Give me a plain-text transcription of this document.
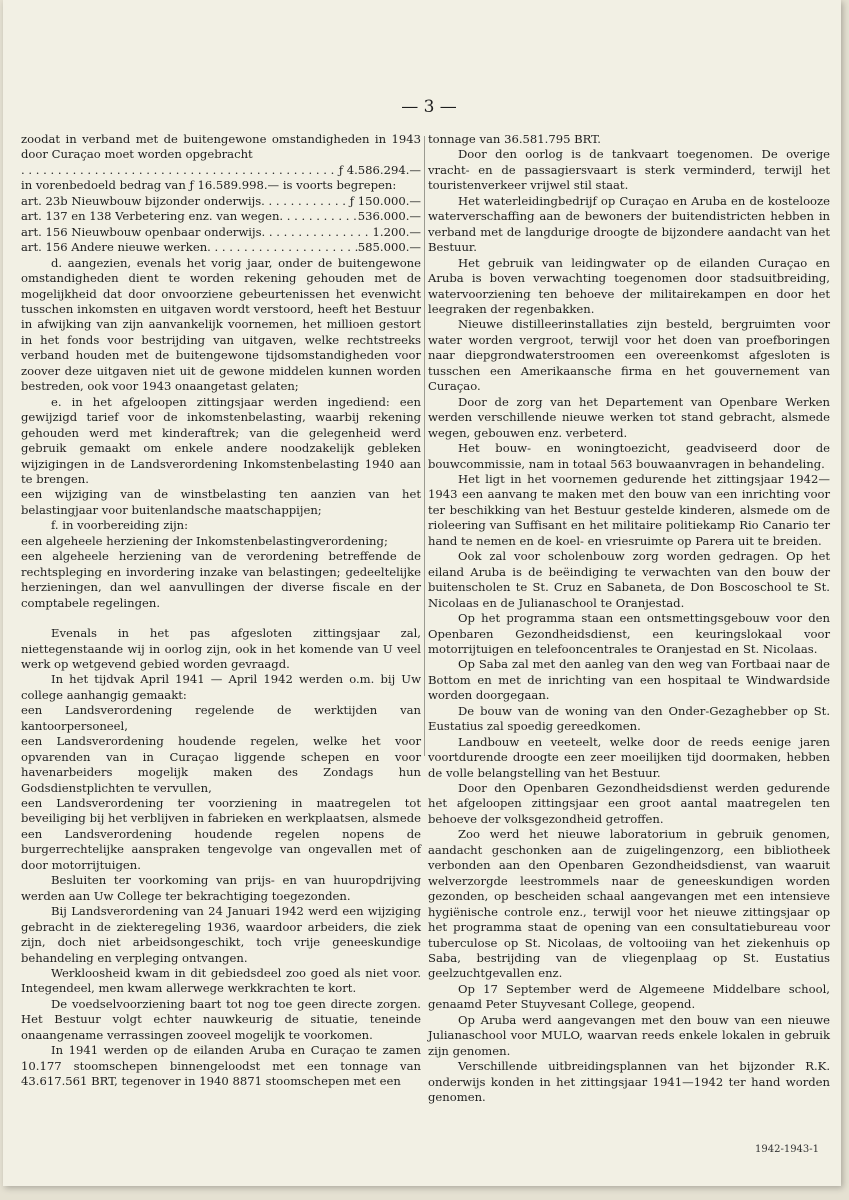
— 3 —

zoodat in verband met de buitengewone omstandigheden in 1943 door Curaçao moet worden opgebracht

. . .
ƒ 4.586.294.—

in vorenbedoeld bedrag van ƒ 16.589.998.— is voorts begrepen:

art. 23b Nieuwbouw bijzonder onderwijs . . .	ƒ 150.000.—
art. 137 en 138 Verbetering enz. van wegen . . .	536.000.—
art. 156 Nieuwbouw openbaar onderwijs . . .	1.200.—
art. 156 Andere nieuwe werken . . .	585.000.—

d. aangezien, evenals het vorig jaar, onder de buitengewone omstandigheden dient te worden rekening gehouden met de mogelijkheid dat door onvoorziene gebeurtenissen het evenwicht tusschen inkomsten en uitgaven wordt verstoord, heeft het Bestuur in afwijking van zijn aanvankelijk voornemen, het millioen gestort in het fonds voor bestrijding van uitgaven, welke rechtstreeks verband houden met de buitengewone tijdsomstandigheden voor zoover deze uitgaven niet uit de gewone middelen kunnen worden bestreden, ook voor 1943 onaangetast gelaten;

e. in het afgeloopen zittingsjaar werden ingediend: een gewijzigd tarief voor de inkomstenbelasting, waarbij rekening gehouden werd met kinderaftrek; van die gelegenheid werd gebruik gemaakt om enkele andere noodzakelijk gebleken wijzigingen in de Landsverordening Inkomstenbelasting 1940 aan te brengen.

een wijziging van de winstbelasting ten aanzien van het belastingjaar voor buitenlandsche maatschappijen;

f. in voorbereiding zijn:

een algeheele herziening der Inkomstenbelastingverordening;

een algeheele herziening van de verordening betreffende de rechtspleging en invordering inzake van belastingen; gedeeltelijke herzieningen, dan wel aanvullingen der diverse fiscale en der comptabele regelingen.

Evenals in het pas afgesloten zittingsjaar zal, niettegenstaande wij in oorlog zijn, ook in het komende van U veel werk op wetgevend gebied worden gevraagd.

In het tijdvak April 1941 — April 1942 werden o.m. bij Uw college aanhangig gemaakt:

een Landsverordening regelende de werktijden van kantoorpersoneel,

een Landsverordening houdende regelen, welke het voor opvarenden van in Curaçao liggende schepen en voor havenarbeiders mogelijk maken des Zondags hun Godsdienstplichten te vervullen,

een Landsverordening ter voorziening in maatregelen tot beveiliging bij het verblijven in fabrieken en werkplaatsen, alsmede een Landsverordening houdende regelen nopens de burgerrechtelijke aanspraken tengevolge van ongevallen met of door motorrijtuigen.

Besluiten ter voorkoming van prijs- en van huuropdrijving werden aan Uw College ter bekrachtiging toegezonden.

Bij Landsverordening van 24 Januari 1942 werd een wijziging gebracht in de ziekteregeling 1936, waardoor arbeiders, die ziek zijn, doch niet arbeidsongeschikt, toch vrije geneeskundige behandeling en verpleging ontvangen.

Werkloosheid kwam in dit gebiedsdeel zoo goed als niet voor. Integendeel, men kwam allerwege werkkrachten te kort.

De voedselvoorziening baart tot nog toe geen directe zorgen. Het Bestuur volgt echter nauwkeurig de situatie, teneinde onaangename verrassingen zooveel mogelijk te voorkomen.

In 1941 werden op de eilanden Aruba en Curaçao te zamen 10.177 stoomschepen binnengeloodst met een tonnage van 43.617.561 BRT, tegenover in 1940 8871 stoomschepen met een

tonnage van 36.581.795 BRT.

Door den oorlog is de tankvaart toegenomen. De overige vracht- en de passagiersvaart is sterk verminderd, terwijl het touristenverkeer vrijwel stil staat.

Het waterleidingbedrijf op Curaçao en Aruba en de kostelooze waterverschaffing aan de bewoners der buitendistricten hebben in verband met de langdurige droogte de bijzondere aandacht van het Bestuur.

Het gebruik van leidingwater op de eilanden Curaçao en Aruba is boven verwachting toegenomen door stadsuitbreiding, watervoorziening ten behoeve der militairekampen en door het leegraken der regenbakken.

Nieuwe distilleerinstallaties zijn besteld, bergruimten voor water worden vergroot, terwijl voor het doen van proefboringen naar diepgrondwaterstroomen een overeenkomst afgesloten is tusschen een Amerikaansche firma en het gouvernement van Curaçao.

Door de zorg van het Departement van Openbare Werken werden verschillende nieuwe werken tot stand gebracht, alsmede wegen, gebouwen enz. verbeterd.

Het bouw- en woningtoezicht, geadviseerd door de bouwcommissie, nam in totaal 563 bouwaanvragen in behandeling.

Het ligt in het voornemen gedurende het zittingsjaar 1942—1943 een aanvang te maken met den bouw van een inrichting voor ter beschikking van het Bestuur gestelde kinderen, alsmede om de rioleering van Suffisant en het militaire politiekamp Rio Canario ter hand te nemen en de koel- en vriesruimte op Parera uit te breiden.

Ook zal voor scholenbouw zorg worden gedragen. Op het eiland Aruba is de beëindiging te verwachten van den bouw der buitenscholen te St. Cruz en Sabaneta, de Don Boscoschool te St. Nicolaas en de Julianaschool te Oranjestad.

Op het programma staan een ontsmettingsgebouw voor den Openbaren Gezondheidsdienst, een keuringslokaal voor motorrijtuigen en telefooncentrales te Oranjestad en St. Nicolaas.

Op Saba zal met den aanleg van den weg van Fortbaai naar de Bottom en met de inrichting van een hospitaal te Windwardside worden doorgegaan.

De bouw van de woning van den Onder-Gezaghebber op St. Eustatius zal spoedig gereedkomen.

Landbouw en veeteelt, welke door de reeds eenige jaren voortdurende droogte een zeer moeilijken tijd doormaken, hebben de volle belangstelling van het Bestuur.

Door den Openbaren Gezondheidsdienst werden gedurende het afgeloopen zittingsjaar een groot aantal maatregelen ten behoeve der volksgezondheid getroffen.

Zoo werd het nieuwe laboratorium in gebruik genomen, aandacht geschonken aan de zuigelingenzorg, een bibliotheek verbonden aan den Openbaren Gezondheidsdienst, van waaruit welverzorgde leestrommels naar de geneeskundigen worden gezonden, op bescheiden schaal aangevangen met een intensieve hygiënische controle enz., terwijl voor het nieuwe zittingsjaar op het programma staat de opening van een consultatiebureau voor tuberculose op St. Nicolaas, de voltooiing van het ziekenhuis op Saba, bestrijding van de vliegenplaag op St. Eustatius geelzuchtgevallen enz.

Op 17 September werd de Algemeene Middelbare school, genaamd Peter Stuyvesant College, geopend.

Op Aruba werd aangevangen met den bouw van een nieuwe Julianaschool voor MULO, waarvan reeds enkele lokalen in gebruik zijn genomen.

Verschillende uitbreidingsplannen van het bijzonder R.K. onderwijs konden in het zittingsjaar 1941—1942 ter hand worden genomen.

1942-1943-1
